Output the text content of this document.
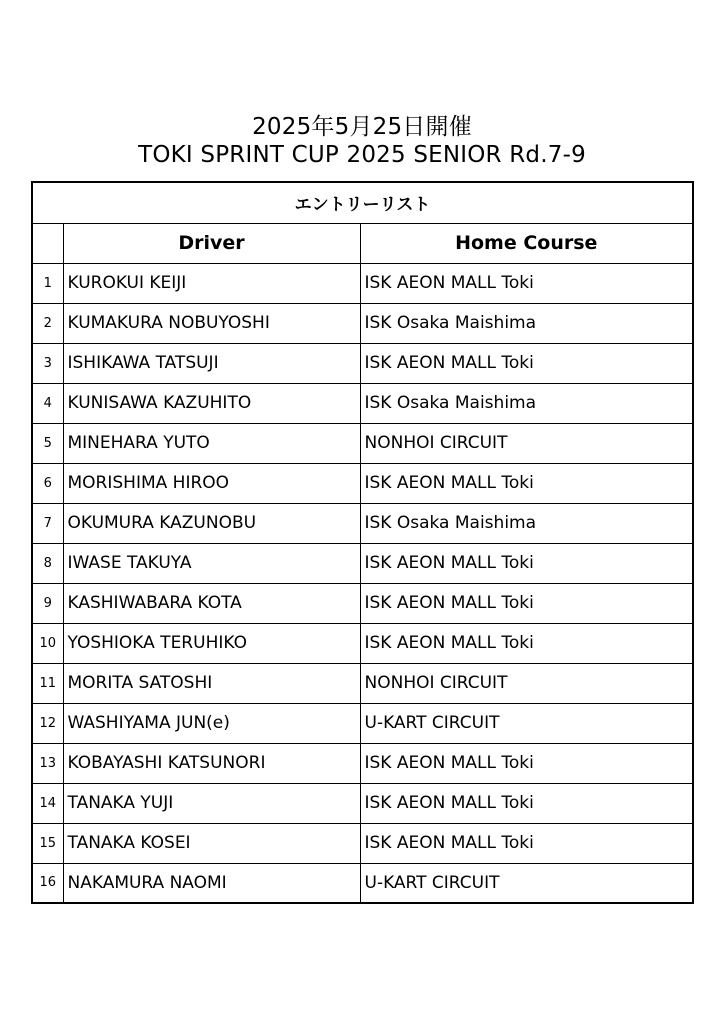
2025年5月25日開催
TOKI SPRINT CUP 2025 SENIOR Rd.7-9
エントリーリスト		
	Driver	Home Course
1	KUROKUI KEIJI	ISK AEON MALL Toki
2	KUMAKURA NOBUYOSHI	ISK Osaka Maishima
3	ISHIKAWA TATSUJI	ISK AEON MALL Toki
4	KUNISAWA KAZUHITO	ISK Osaka Maishima
5	MINEHARA YUTO	NONHOI CIRCUIT
6	MORISHIMA HIROO	ISK AEON MALL Toki
7	OKUMURA KAZUNOBU	ISK Osaka Maishima
8	IWASE TAKUYA	ISK AEON MALL Toki
9	KASHIWABARA KOTA	ISK AEON MALL Toki
10	YOSHIOKA TERUHIKO	ISK AEON MALL Toki
11	MORITA SATOSHI	NONHOI CIRCUIT
12	WASHIYAMA JUN(e)	U-KART CIRCUIT
13	KOBAYASHI KATSUNORI	ISK AEON MALL Toki
14	TANAKA YUJI	ISK AEON MALL Toki
15	TANAKA KOSEI	ISK AEON MALL Toki
16	NAKAMURA NAOMI	U-KART CIRCUIT
